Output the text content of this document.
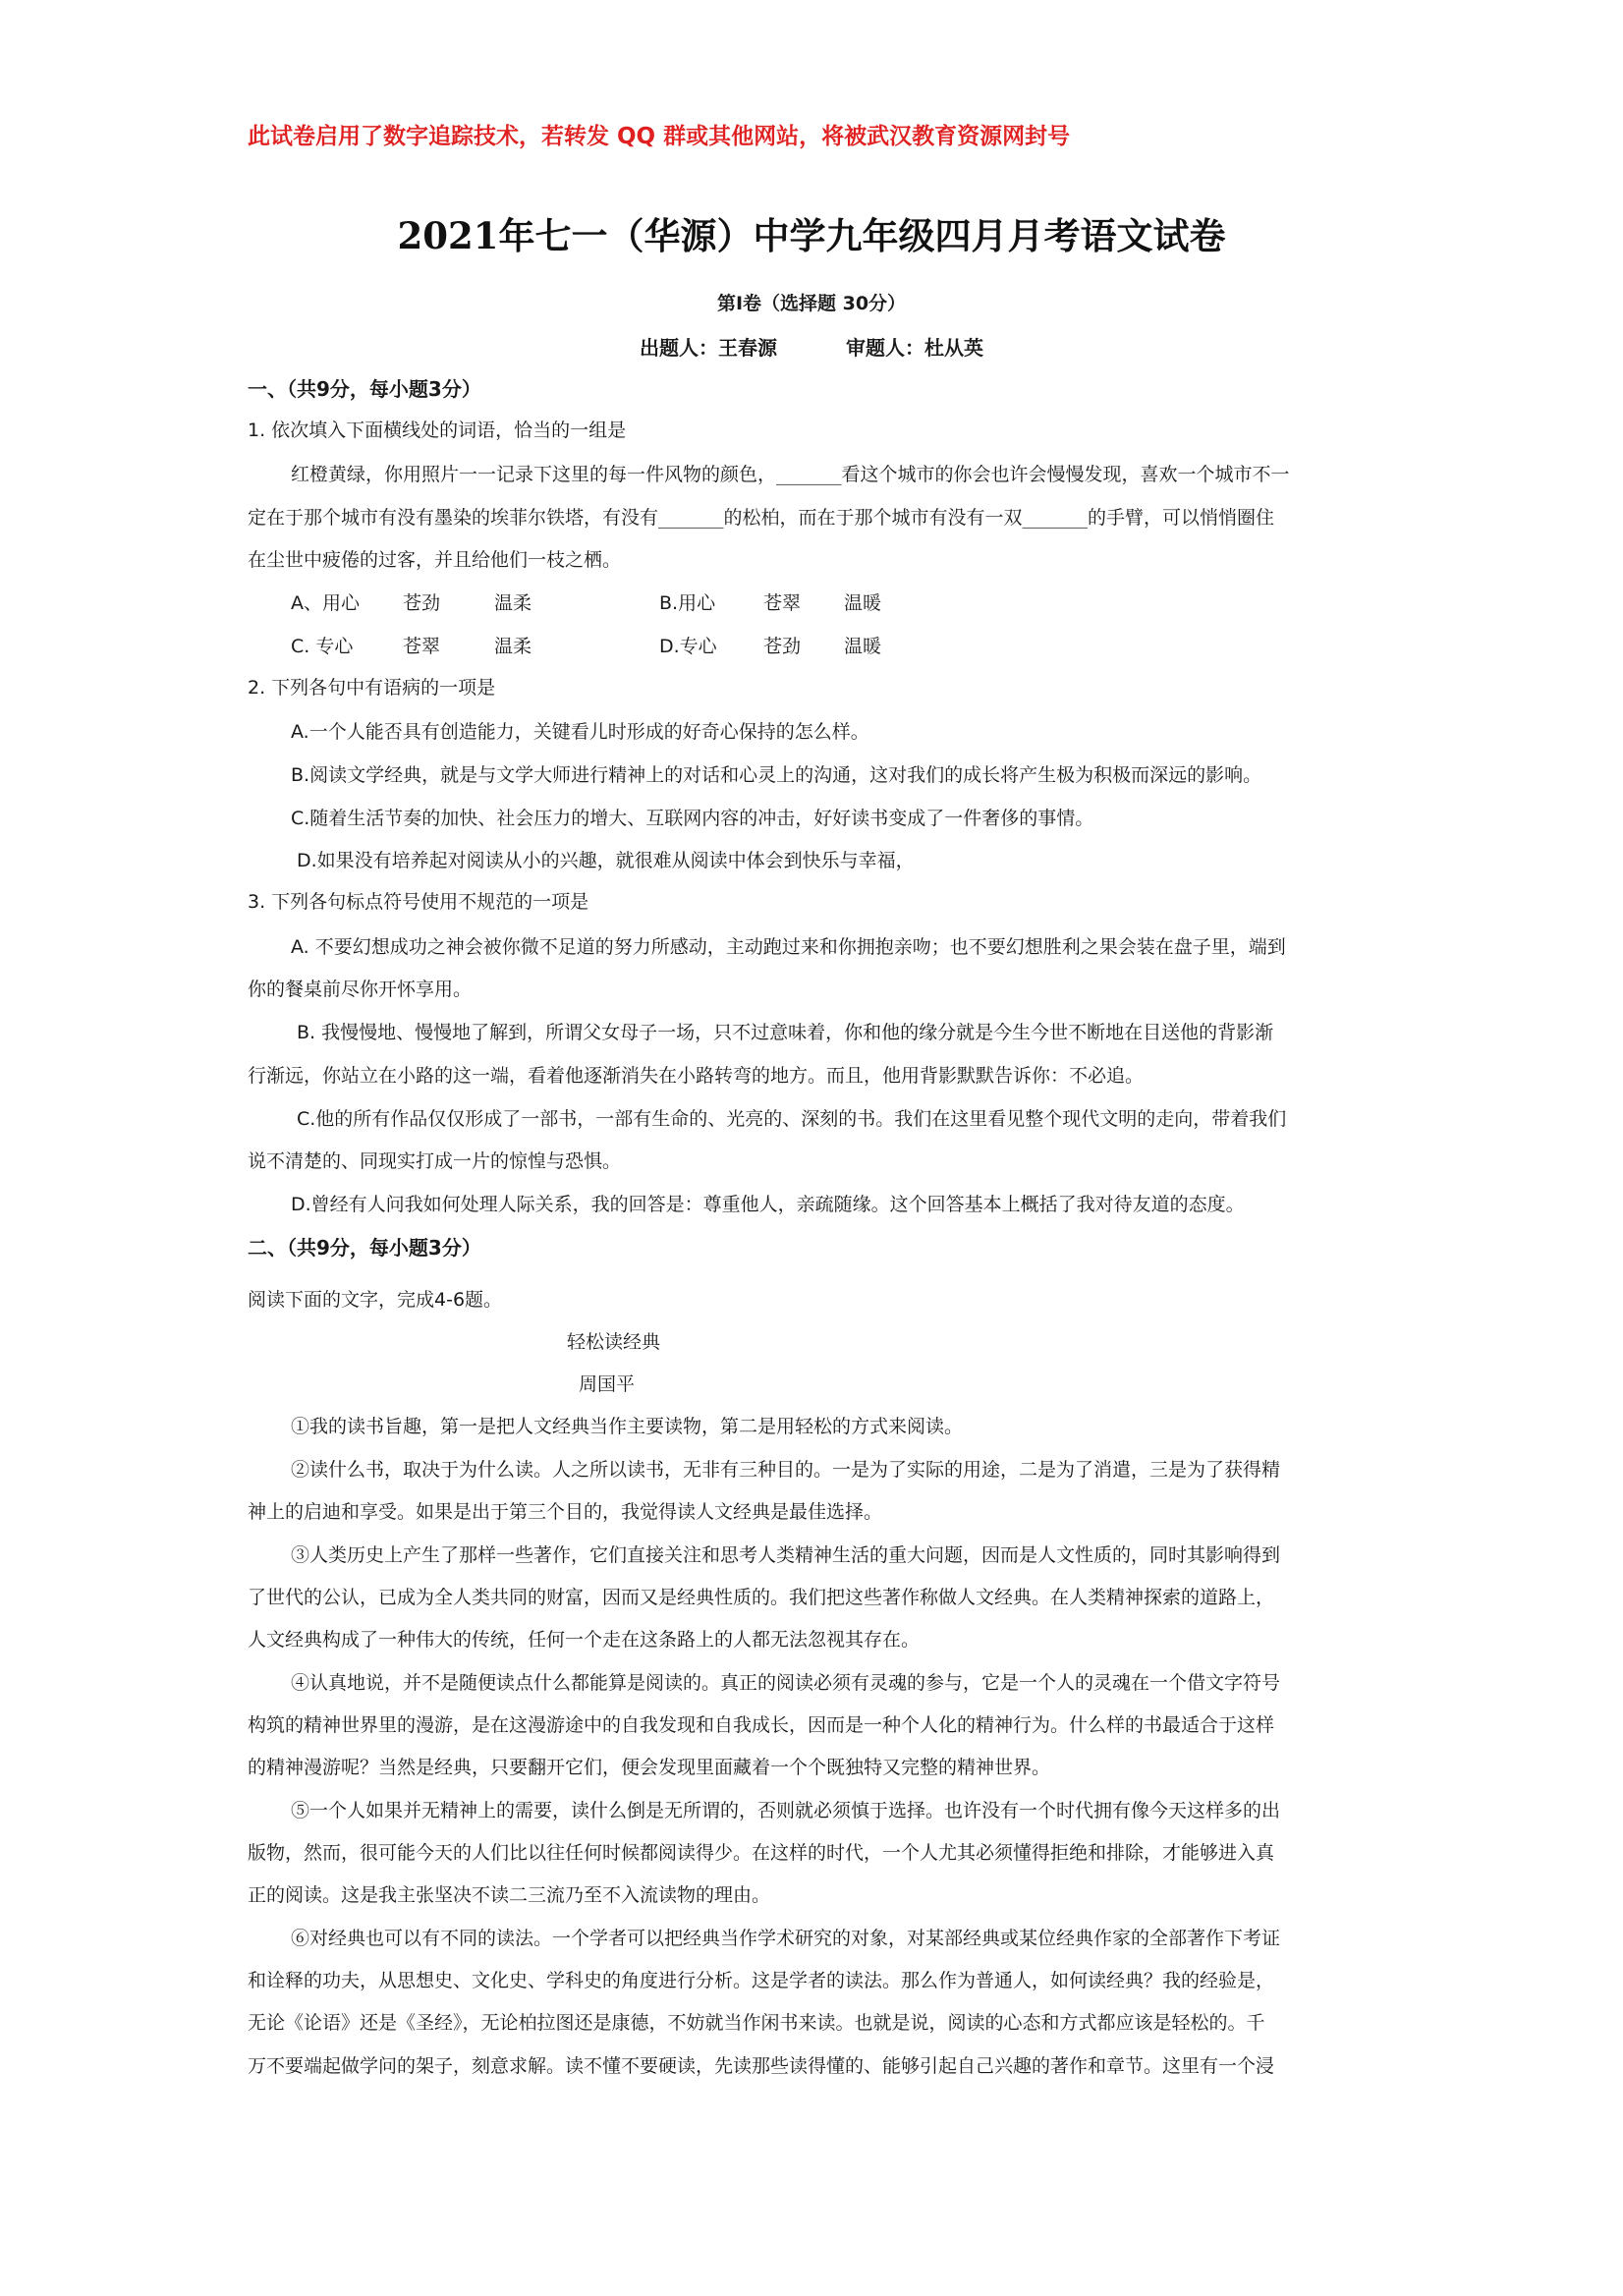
此试卷启用了数字追踪技术，若转发 QQ 群或其他网站，将被武汉教育资源网封号
2021年七一（华源）中学九年级四月月考语文试卷
第Ⅰ卷（选择题 30分）
出题人：王春源	审题人：杜从英
一、（共9分，每小题3分）
1. 依次填入下面横线处的词语，恰当的一组是
红橙黄绿，你用照片一一记录下这里的每一件风物的颜色，_______看这个城市的你会也许会慢慢发现，喜欢一个城市不一
定在于那个城市有没有墨染的埃菲尔铁塔，有没有_______的松柏，而在于那个城市有没有一双_______的手臂，可以悄悄圈住
在尘世中疲倦的过客，并且给他们一枝之栖。
A、用心 苍劲	温柔	B.用心	苍翠 温暖
C. 专心	苍翠	温柔	D.专心 苍劲 温暖
2. 下列各句中有语病的一项是
A.一个人能否具有创造能力，关键看儿时形成的好奇心保持的怎么样。
B.阅读文学经典，就是与文学大师进行精神上的对话和心灵上的沟通，这对我们的成长将产生极为积极而深远的影响。
C.随着生活节奏的加快、社会压力的增大、互联网内容的冲击，好好读书变成了一件奢侈的事情。
D.如果没有培养起对阅读从小的兴趣，就很难从阅读中体会到快乐与幸福，
3. 下列各句标点符号使用不规范的一项是
A. 不要幻想成功之神会被你微不足道的努力所感动，主动跑过来和你拥抱亲吻；也不要幻想胜利之果会装在盘子里，端到
你的餐桌前尽你开怀享用。
B. 我慢慢地、慢慢地了解到，所谓父女母子一场，只不过意味着，你和他的缘分就是今生今世不断地在目送他的背影渐
行渐远，你站立在小路的这一端，看着他逐渐消失在小路转弯的地方。而且，他用背影默默告诉你：不必追。
C.他的所有作品仅仅形成了一部书，一部有生命的、光亮的、深刻的书。我们在这里看见整个现代文明的走向，带着我们
说不清楚的、同现实打成一片的惊惶与恐惧。
D.曾经有人问我如何处理人际关系，我的回答是：尊重他人，亲疏随缘。这个回答基本上概括了我对待友道的态度。
二、（共9分，每小题3分）
阅读下面的文字，完成4-6题。
轻松读经典
周国平
①我的读书旨趣，第一是把人文经典当作主要读物，第二是用轻松的方式来阅读。
②读什么书，取决于为什么读。人之所以读书，无非有三种目的。一是为了实际的用途，二是为了消遣，三是为了获得精
神上的启迪和享受。如果是出于第三个目的，我觉得读人文经典是最佳选择。
③人类历史上产生了那样一些著作，它们直接关注和思考人类精神生活的重大问题，因而是人文性质的，同时其影响得到
了世代的公认，已成为全人类共同的财富，因而又是经典性质的。我们把这些著作称做人文经典。在人类精神探索的道路上，
人文经典构成了一种伟大的传统，任何一个走在这条路上的人都无法忽视其存在。
④认真地说，并不是随便读点什么都能算是阅读的。真正的阅读必须有灵魂的参与，它是一个人的灵魂在一个借文字符号
构筑的精神世界里的漫游，是在这漫游途中的自我发现和自我成长，因而是一种个人化的精神行为。什么样的书最适合于这样
的精神漫游呢？当然是经典，只要翻开它们，便会发现里面藏着一个个既独特又完整的精神世界。
⑤一个人如果并无精神上的需要，读什么倒是无所谓的，否则就必须慎于选择。也许没有一个时代拥有像今天这样多的出
版物，然而，很可能今天的人们比以往任何时候都阅读得少。在这样的时代，一个人尤其必须懂得拒绝和排除，才能够进入真
正的阅读。这是我主张坚决不读二三流乃至不入流读物的理由。
⑥对经典也可以有不同的读法。一个学者可以把经典当作学术研究的对象，对某部经典或某位经典作家的全部著作下考证
和诠释的功夫，从思想史、文化史、学科史的角度进行分析。这是学者的读法。那么作为普通人，如何读经典？我的经验是，
无论《论语》还是《圣经》，无论柏拉图还是康德，不妨就当作闲书来读。也就是说，阅读的心态和方式都应该是轻松的。千
万不要端起做学问的架子，刻意求解。读不懂不要硬读，先读那些读得懂的、能够引起自己兴趣的著作和章节。这里有一个浸
